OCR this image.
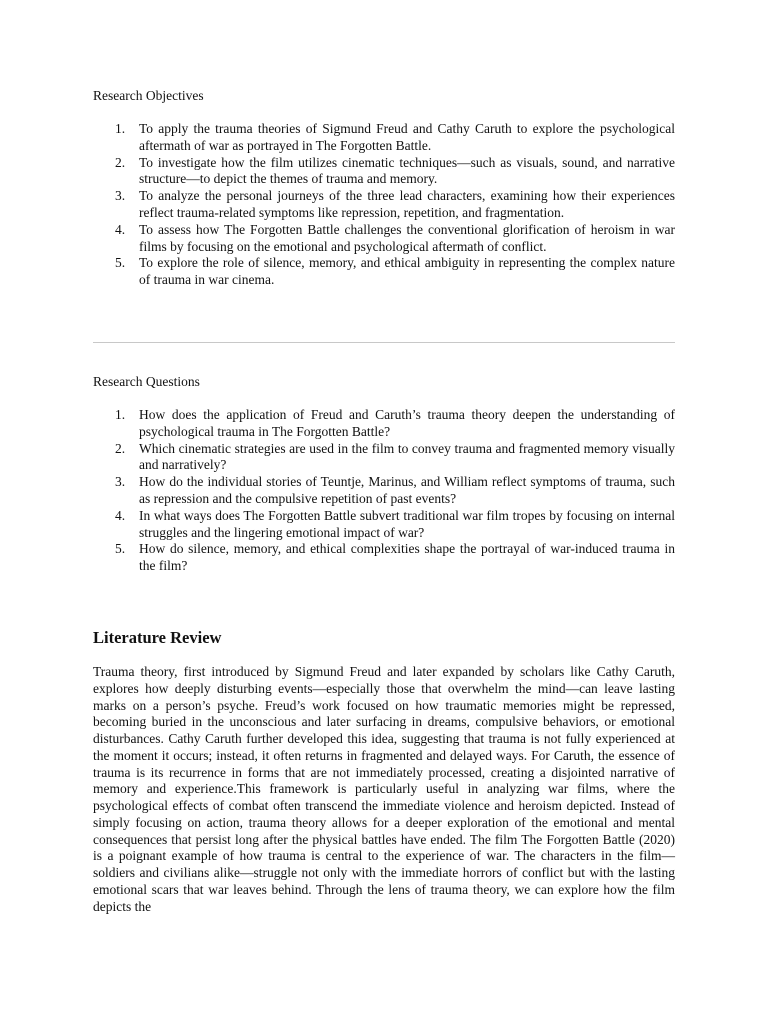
Research Objectives
1.	To apply the trauma theories of Sigmund Freud and Cathy Caruth to explore the psychological aftermath of war as portrayed in The Forgotten Battle.
2.	To investigate how the film utilizes cinematic techniques—such as visuals, sound, and narrative structure—to depict the themes of trauma and memory.
3.	To analyze the personal journeys of the three lead characters, examining how their experiences reflect trauma-related symptoms like repression, repetition, and fragmentation.
4.	To assess how The Forgotten Battle challenges the conventional glorification of heroism in war films by focusing on the emotional and psychological aftermath of conflict.
5.	To explore the role of silence, memory, and ethical ambiguity in representing the complex nature of trauma in war cinema.
Research Questions
1.	How does the application of Freud and Caruth’s trauma theory deepen the understanding of psychological trauma in The Forgotten Battle?
2.	Which cinematic strategies are used in the film to convey trauma and fragmented memory visually and narratively?
3.	How do the individual stories of Teuntje, Marinus, and William reflect symptoms of trauma, such as repression and the compulsive repetition of past events?
4.	In what ways does The Forgotten Battle subvert traditional war film tropes by focusing on internal struggles and the lingering emotional impact of war?
5.	How do silence, memory, and ethical complexities shape the portrayal of war-induced trauma in the film?
Literature Review

Trauma theory, first introduced by Sigmund Freud and later expanded by scholars like Cathy Caruth, explores how deeply disturbing events—especially those that overwhelm the mind—can leave lasting marks on a person’s psyche. Freud’s work focused on how traumatic memories might be repressed, becoming buried in the unconscious and later surfacing in dreams, compulsive behaviors, or emotional disturbances. Cathy Caruth further developed this idea, suggesting that trauma is not fully experienced at the moment it occurs; instead, it often returns in fragmented and delayed ways. For Caruth, the essence of trauma is its recurrence in forms that are not immediately processed, creating a disjointed narrative of memory and experience.This framework is particularly useful in analyzing war films, where the psychological effects of combat often transcend the immediate violence and heroism depicted. Instead of simply focusing on action, trauma theory allows for a deeper exploration of the emotional and mental consequences that persist long after the physical battles have ended. The film The Forgotten Battle (2020) is a poignant example of how trauma is central to the experience of war. The characters in the film—soldiers and civilians alike—struggle not only with the immediate horrors of conflict but with the lasting emotional scars that war leaves behind. Through the lens of trauma theory, we can explore how the film depicts the
